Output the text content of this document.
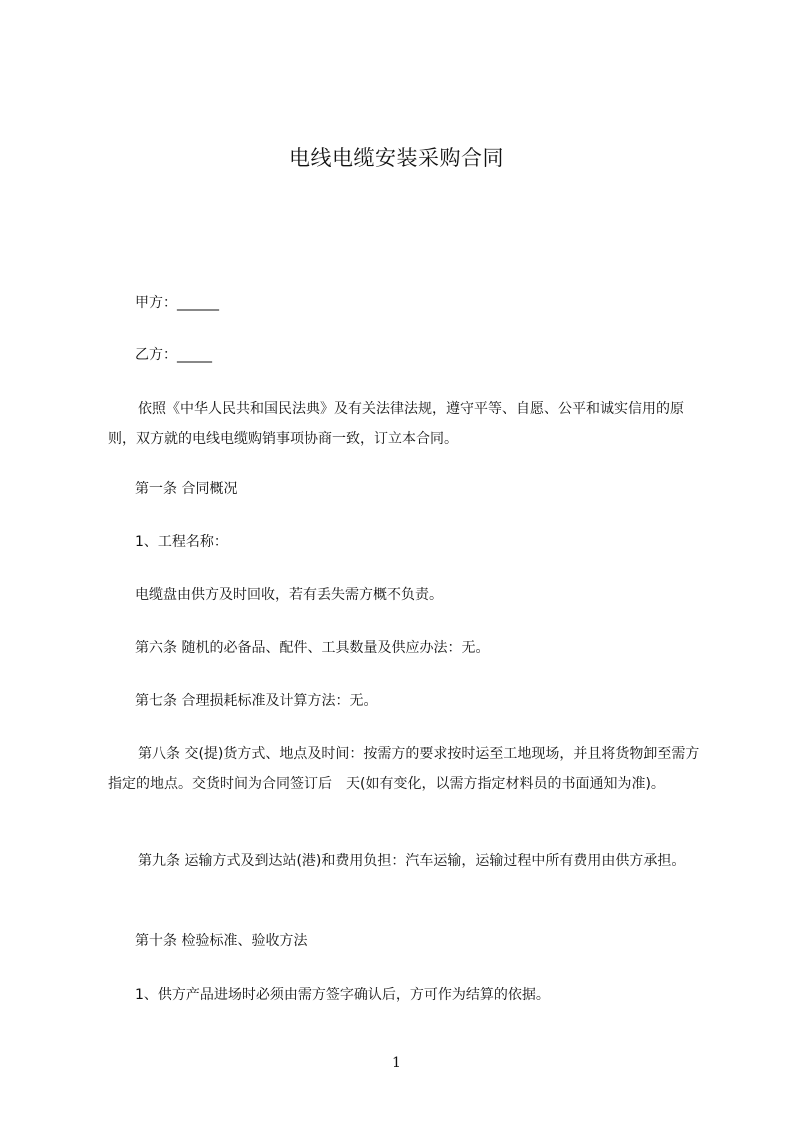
电线电缆安装采购合同
甲方：______
乙方：_____
依照《中华人民共和国民法典》及有关法律法规，遵守平等、自愿、公平和诚实信用的原则，双方就的电线电缆购销事项协商一致，订立本合同。
第一条 合同概况
1、工程名称：
电缆盘由供方及时回收，若有丢失需方概不负责。
第六条 随机的必备品、配件、工具数量及供应办法：无。
第七条 合理损耗标准及计算方法：无。
第八条 交(提)货方式、地点及时间：按需方的要求按时运至工地现场，并且将货物卸至需方指定的地点。交货时间为合同签订后　天(如有变化，以需方指定材料员的书面通知为准)。
第九条 运输方式及到达站(港)和费用负担：汽车运输，运输过程中所有费用由供方承担。
第十条 检验标准、验收方法
1、供方产品进场时必须由需方签字确认后，方可作为结算的依据。
1
